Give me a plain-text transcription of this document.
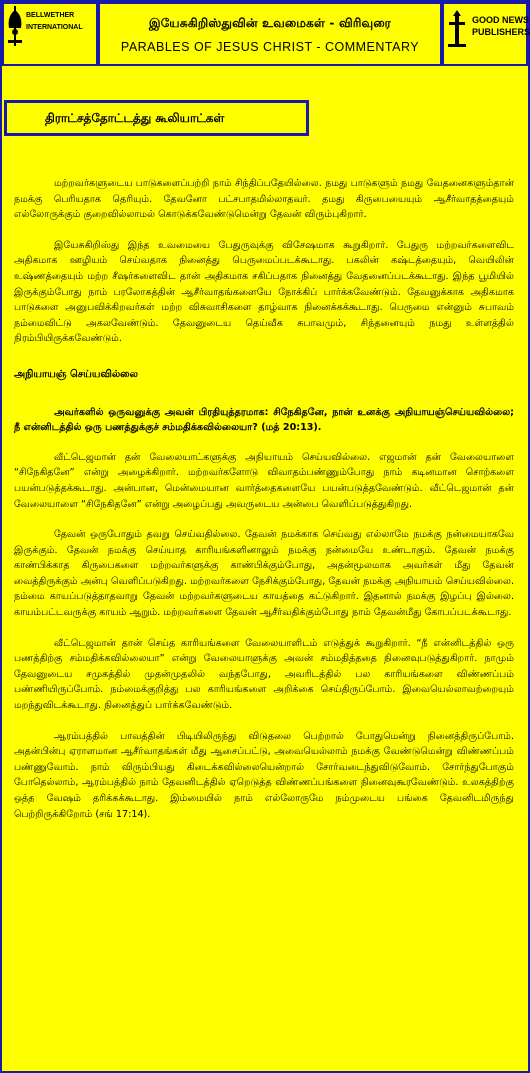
BELLWETHER
INTERNATIONAL	இயேசுகிறிஸ்துவின் உவமைகள் - விரிவுரை
PARABLES OF JESUS CHRIST - COMMENTARY
GOOD NEWS
PUBLISHERS
திராட்சத்தோட்டத்து கூலியாட்கள்

மற்றவர்களுடைய பாடுகளைப்பற்றி நாம் சிந்திப்பதேயில்லை. நமது பாடுகளும் நமது வேதனைகளும்தான் நமக்கு பெரியதாக தெரியும். தேவனோ பட்சபாதமில்லாதவர். தமது கிருபையையும் ஆசீர்வாதத்தையும் எல்லோருக்கும் குறைவில்லாமல் கொடுக்கவேண்டுமென்று தேவன் விரும்புகிறார்.

இயேசுகிறிஸ்து இந்த உவமையை பேதுருவுக்கு விசேஷமாக கூறுகிறார். பேதுரு மற்றவர்களைவிட அதிகமாக ஊழியம் செய்வதாக நினைத்து பெருமைப்படக்கூடாது. பகலின் கஷ்டத்தையும், வெயிலின் உஷ்ணத்தையும் மற்ற சீஷர்களைவிட தான் அதிகமாக சகிப்பதாக நினைத்து வேதனைப்படக்கூடாது. இந்த பூமியில் இருக்கும்போது நாம் பரலோகத்தின் ஆசீர்வாதங்களையே நோக்கிப் பார்க்கவேண்டும். தேவனுக்காக அதிகமாக பாடுகளை அனுபவிக்கிறவர்கள் மற்ற விசுவாசிகளை தாழ்வாக நினைக்கக்கூடாது. பெருமை என்னும் சுபாவம் நம்மைவிட்டு அகலவேண்டும். தேவனுடைய தெய்வீக சுபாவமும், சிந்தனையும் நமது உள்ளத்தில் நிரம்பியிருக்கவேண்டும்.

அநியாயஞ் செய்யவில்லை

அவர்களில் ஒருவனுக்கு அவன் பிரதியுத்தரமாக: சிநேகிதனே, நான் உனக்கு அநியாயஞ்செய்யவில்லை; நீ என்னிடத்தில் ஒரு பணத்துக்குச் சம்மதிக்கவில்லையா? (மத் 20:13).

வீட்டெஜமான் தன் வேலையாட்களுக்கு அநியாயம் செய்யவில்லை. எஜமான் தன் வேலையாளை “சிநேகிதனே” என்று அழைக்கிறார். மற்றவர்களோடு விவாதம்பண்ணும்போது நாம் கடினமான சொற்களை பயன்படுத்தக்கூடாது. அன்பான, மென்மையான வார்த்தைகளையே பயன்படுத்தவேண்டும். வீட்டெஜமான் தன் வேலையாளை “சிநேகிதனே” என்று அழைப்பது அவருடைய அன்பை வெளிப்படுத்துகிறது.

தேவன் ஒருபோதும் தவறு செய்வதில்லை. தேவன் நமக்காக செய்வது எல்லாமே நமக்கு நன்மையாகவே இருக்கும். தேவன் நமக்கு செய்யாத காரியங்களினாலும் நமக்கு நன்மையே உண்டாகும். தேவன் நமக்கு காண்பிக்காத கிருபைகளை மற்றவர்களுக்கு காண்பிக்கும்போது, அதன்மூலமாக அவர்கள் மீது தேவன் வைத்திருக்கும் அன்பு வெளிப்படுகிறது. மற்றவர்களை நேசிக்கும்போது, தேவன் நமக்கு அநியாயம் செய்யவில்லை. நம்மை காயப்படுத்தாதவாறு தேவன் மற்றவர்களுடைய காயத்தை கட்டுகிறார். இதனால் நமக்கு இழப்பு இல்லை. காயம்பட்டவருக்கு காயம் ஆறும். மற்றவர்களை தேவன் ஆசீர்வதிக்கும்போது நாம் தேவன்மீது கோபப்படக்கூடாது.

வீட்டெஜமான் தான் செய்த காரியங்களை வேலையாளிடம் எடுத்துக் கூறுகிறார். “நீ என்னிடத்தில் ஒரு பணத்திற்கு சம்மதிக்கவில்லையா” என்று வேலையாளுக்கு அவன் சம்மதித்ததை நினைவுபடுத்துகிறார். நாமும் தேவனுடைய சமுகத்தில் முதன்முதலில் வந்தபோது, அவரிடத்தில் பல காரியங்களை விண்ணப்பம் பண்ணியிருப்போம். நம்மைக்குறித்து பல காரியங்களை அறிக்கை செய்திருப்போம். இவையெல்லாவற்றையும் மறந்துவிடக்கூடாது. நினைத்துப் பார்க்கவேண்டும்.

ஆரம்பத்தில் பாவத்தின் பிடியிலிருந்து விடுதலை பெற்றால் போதுமென்று நினைத்திருப்போம். அதன்பின்பு ஏராளமான ஆசீர்வாதங்கள் மீது ஆசைப்பட்டு, அவையெல்லாம் நமக்கு வேண்டுமென்று விண்ணப்பம் பண்ணுவோம். நாம் விரும்பியது கிடைக்கவில்லையென்றால் சோர்வடைந்துவிடுவோம். சோர்ந்துபோகும் போதெல்லாம், ஆரம்பத்தில் நாம் தேவனிடத்தில் ஏறெடுத்த விண்ணப்பங்களை நினைவுகூரவேண்டும். உலகத்திற்கு ஒத்த வேஷம் தரிக்கக்கூடாது. இம்மையில் நாம் எல்லோருமே நம்முடைய பங்கை தேவனிடமிருந்து பெற்றிருக்கிறோம் (சங் 17:14).
